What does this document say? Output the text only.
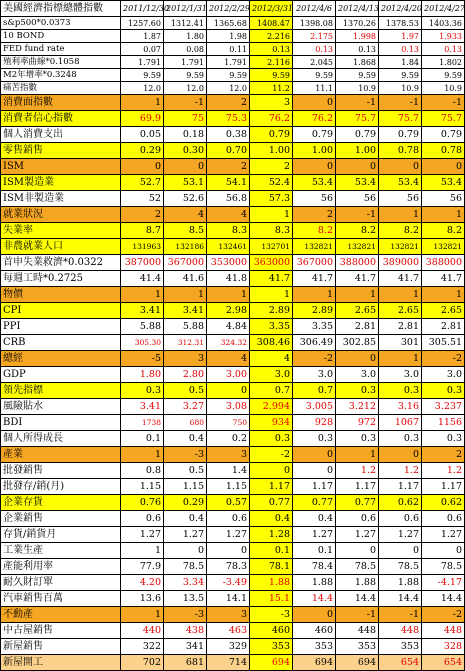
美國經濟指標總體指數	2011/12/30	2012/1/31	2012/2/29	2012/3/31	2012/4/6	2012/4/13	2012/4/20	2012/4/27
s&p500*0.0373	1257.60	1312.41	1365.68	1408.47	1398.08	1370.26	1378.53	1403.36
10 BOND	1.87	1.80	1.98	2.216	2.175	1.998	1.97	1.933
FED fund rate	0.07	0.08	0.11	0.13	0.13	0.13	0.13	0.13
殖利率曲線*0.1058	1.791	1.791	1.791	2.116	2.045	1.868	1.84	1.802
M2年增率*0.3248	9.59	9.59	9.59	9.59	9.59	9.59	9.59	9.59
痛苦指數	12.0	12.0	12.0	11.2	11.1	10.9	10.9	10.9
消費面指數	1	-1	2	3	0	-1	-1	-1
消費者信心指數	69.9	75	75.3	76.2	76.2	75.7	75.7	75.7
個人消費支出	0.05	0.18	0.38	0.79	0.79	0.79	0.79	0.79
零售銷售	0.29	0.30	0.70	1.00	1.00	1.00	0.78	0.78
ISM	0	0	2	2	0	0	0	0
ISM製造業	52.7	53.1	54.1	52.4	53.4	53.4	53.4	53.4
ISM非製造業	52	52.6	56.8	57.3	56	56	56	56
就業狀況	2	4	4	1	2	-1	1	1
失業率	8.7	8.5	8.3	8.3	8.2	8.2	8.2	8.2
非農就業人口	131963	132186	132461	132701	132821	132821	132821	132821
首申失業救濟*0.0322	387000	367000	353000	363000	367000	388000	389000	388000
每週工時*0.2725	41.4	41.6	41.8	41.7	41.7	41.7	41.7	41.7
物價	1	1	1	1	1	1	1	1
CPI	3.41	3.41	2.98	2.89	2.89	2.65	2.65	2.65
PPI	5.88	5.88	4.84	3.35	3.35	2.81	2.81	2.81
CRB	305.30	312.31	324.32	308.46	306.49	302.85	301	305.51
總經	-5	3	4	4	-2	0	1	-2
GDP	1.80	2.80	3.00	3.0	3.0	3.0	3.0	3.0
領先指標	0.3	0.5	0	0.7	0.7	0.3	0.3	0.3
風險貼水	3.41	3.27	3.08	2.994	3.005	3.212	3.16	3.237
BDI	1738	680	750	934	928	972	1067	1156
個人所得成長	0.1	0.4	0.2	0.3	0.3	0.3	0.3	0.3
產業	1	-3	3	-2	0	1	0	2
批發銷售	0.8	0.5	1.4	0	0	1.2	1.2	1.2
批發存/銷(月)	1.15	1.15	1.15	1.17	1.17	1.17	1.17	1.17
企業存貨	0.76	0.29	0.57	0.77	0.77	0.77	0.62	0.62
企業銷售	0.6	0.4	0.6	0.4	0.4	0.6	0.6	0.6
存貨/銷貨月	1.27	1.27	1.27	1.28	1.27	1.27	1.27	1.27
工業生產	1	0	0	0.1	0.1	0	0	0
產能利用率	77.9	78.5	78.3	78.1	78.4	78.5	78.5	78.5
耐久財訂單	4.20	3.34	-3.49	1.88	1.88	1.88	1.88	-4.17
汽車銷售百萬	13.6	13.5	14.1	15.1	14.4	14.4	14.4	14.4
不動產	1	-3	3	-3	0	-1	-1	-2
中古屋銷售	440	438	463	460	460	448	448	448
新屋銷售	322	341	329	353	353	353	353	328
新屋開工	702	681	714	694	694	694	654	654
